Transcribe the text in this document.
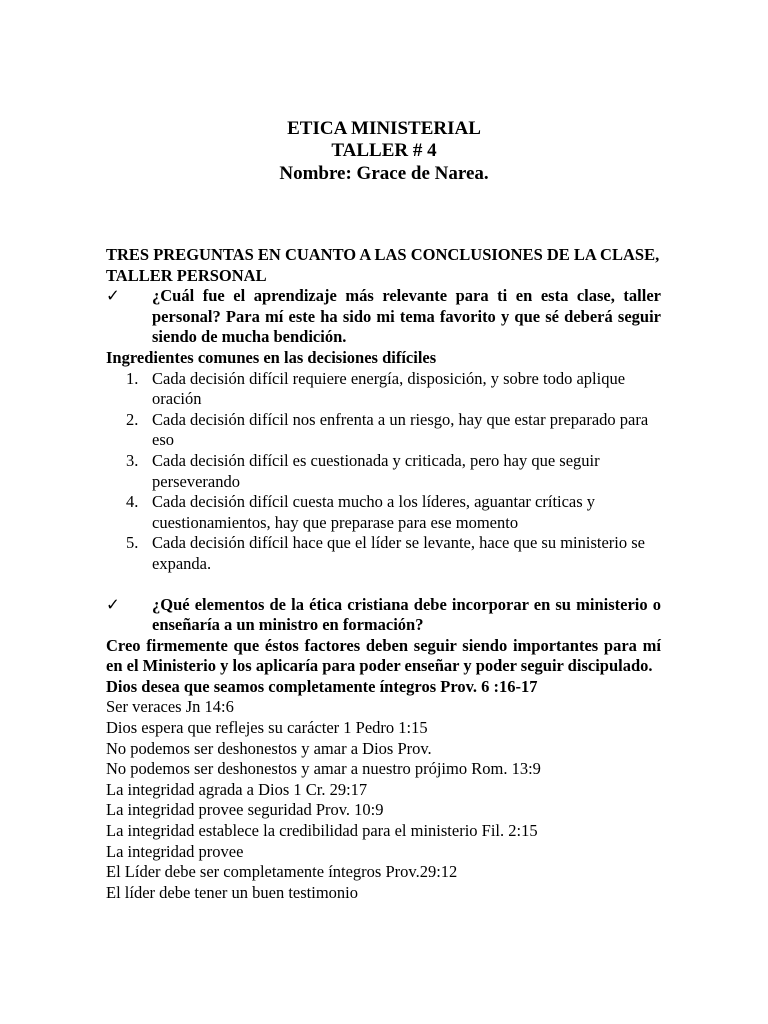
ETICA MINISTERIAL
TALLER # 4
Nombre: Grace de Narea.
TRES PREGUNTAS EN CUANTO A LAS CONCLUSIONES DE LA CLASE, TALLER PERSONAL
✓ ¿Cuál fue el aprendizaje más relevante para ti en esta clase, taller personal? Para mí este ha sido mi tema favorito y que sé deberá seguir siendo de mucha bendición.
Ingredientes comunes en las decisiones difíciles
1. Cada decisión difícil requiere energía, disposición, y sobre todo aplique oración
2. Cada decisión difícil nos enfrenta a un riesgo, hay que estar preparado para eso
3. Cada decisión difícil es cuestionada y criticada, pero hay que seguir perseverando
4. Cada decisión difícil cuesta mucho a los líderes, aguantar críticas y cuestionamientos, hay que preparase para ese momento
5. Cada decisión difícil hace que el líder se levante, hace que su ministerio se expanda.
✓ ¿Qué elementos de la ética cristiana debe incorporar en su ministerio o enseñaría a un ministro en formación?
Creo firmemente que éstos factores deben seguir siendo importantes para mí en el Ministerio y los aplicaría para poder enseñar y poder seguir discipulado.
Dios desea que seamos completamente íntegros Prov. 6 :16-17
Ser veraces Jn 14:6
Dios espera que reflejes su carácter 1 Pedro 1:15
No podemos ser deshonestos y amar a Dios Prov.
No podemos ser deshonestos y amar a nuestro prójimo Rom. 13:9
La integridad agrada a Dios 1 Cr. 29:17
La integridad provee seguridad Prov. 10:9
La integridad establece la credibilidad para el ministerio Fil. 2:15
La integridad provee
El Líder debe ser completamente íntegros Prov.29:12
El líder debe tener un buen testimonio
